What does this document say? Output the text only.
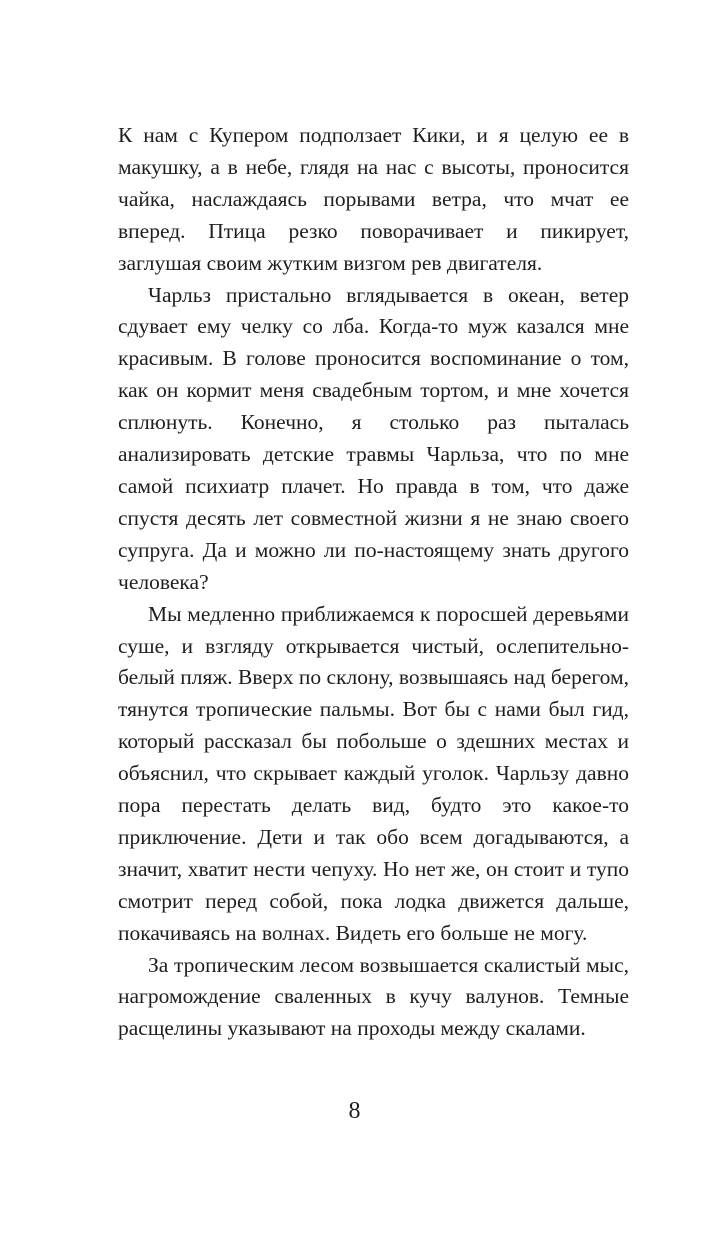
К нам с Купером подползает Кики, и я целую ее в макушку, а в небе, глядя на нас с высоты, проносится чайка, наслаждаясь порывами ветра, что мчат ее вперед. Птица резко поворачивает и пикирует, заглушая своим жутким визгом рев двигателя.

Чарльз пристально вглядывается в океан, ветер сдувает ему челку со лба. Когда-то муж казался мне красивым. В голове проносится воспоминание о том, как он кормит меня свадебным тортом, и мне хочется сплюнуть. Конечно, я столько раз пыталась анализировать детские травмы Чарльза, что по мне самой психиатр плачет. Но правда в том, что даже спустя десять лет совместной жизни я не знаю своего супруга. Да и можно ли по-настоящему знать другого человека?

Мы медленно приближаемся к поросшей деревьями суше, и взгляду открывается чистый, ослепительно-белый пляж. Вверх по склону, возвышаясь над берегом, тянутся тропические пальмы. Вот бы с нами был гид, который рассказал бы побольше о здешних местах и объяснил, что скрывает каждый уголок. Чарльзу давно пора перестать делать вид, будто это какое-то приключение. Дети и так обо всем догадываются, а значит, хватит нести чепуху. Но нет же, он стоит и тупо смотрит перед собой, пока лодка движется дальше, покачиваясь на волнах. Видеть его больше не могу.

За тропическим лесом возвышается скалистый мыс, нагромождение сваленных в кучу валунов. Темные расщелины указывают на проходы между скалами.

8
